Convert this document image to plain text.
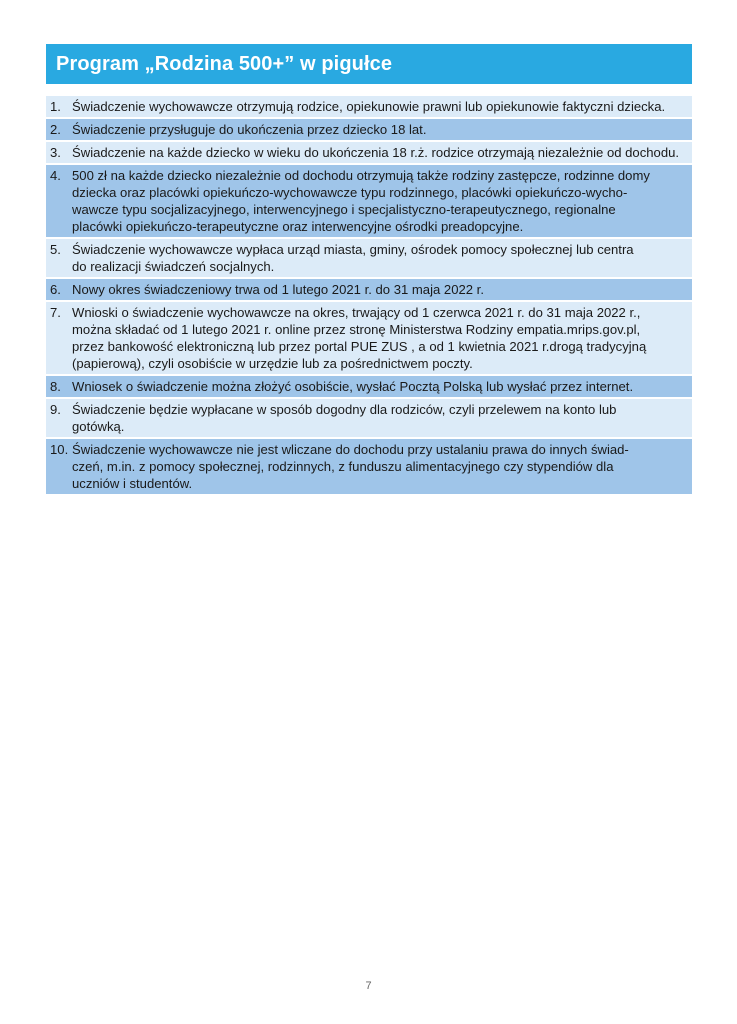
Program „Rodzina 500+” w pigułce
1. Świadczenie wychowawcze otrzymują rodzice, opiekunowie prawni lub opiekunowie faktyczni dziecka.
2. Świadczenie przysługuje do ukończenia przez dziecko 18 lat.
3. Świadczenie na każde dziecko w wieku do ukończenia 18 r.ż. rodzice otrzymają niezależnie od dochodu.
4. 500 zł na każde dziecko niezależnie od dochodu otrzymują także rodziny zastępcze, rodzinne domy
dziecka oraz placówki opiekuńczo-wychowawcze typu rodzinnego, placówki opiekuńczo-wycho-
wawcze typu socjalizacyjnego, interwencyjnego i specjalistyczno-terapeutycznego, regionalne
placówki opiekuńczo-terapeutyczne oraz interwencyjne ośrodki preadopcyjne.
5. Świadczenie wychowawcze wypłaca urząd miasta, gminy, ośrodek pomocy społecznej lub centra
do realizacji świadczeń socjalnych.
6. Nowy okres świadczeniowy trwa od 1 lutego 2021 r. do 31 maja 2022 r.
7. Wnioski o świadczenie wychowawcze na okres, trwający od 1 czerwca 2021 r. do 31 maja 2022 r.,
można składać od 1 lutego 2021 r. online przez stronę Ministerstwa Rodziny empatia.mrips.gov.pl,
przez bankowość elektroniczną lub przez portal PUE ZUS , a od 1 kwietnia 2021 r.drogą tradycyjną
(papierową), czyli osobiście w urzędzie lub za pośrednictwem poczty.
8. Wniosek o świadczenie można złożyć osobiście, wysłać Pocztą Polską lub wysłać przez internet.
9. Świadczenie będzie wypłacane w sposób dogodny dla rodziców, czyli przelewem na konto lub
gotówką.
10. Świadczenie wychowawcze nie jest wliczane do dochodu przy ustalaniu prawa do innych świad-
czeń, m.in. z pomocy społecznej, rodzinnych, z funduszu alimentacyjnego czy stypendiów dla
uczniów i studentów.
7
